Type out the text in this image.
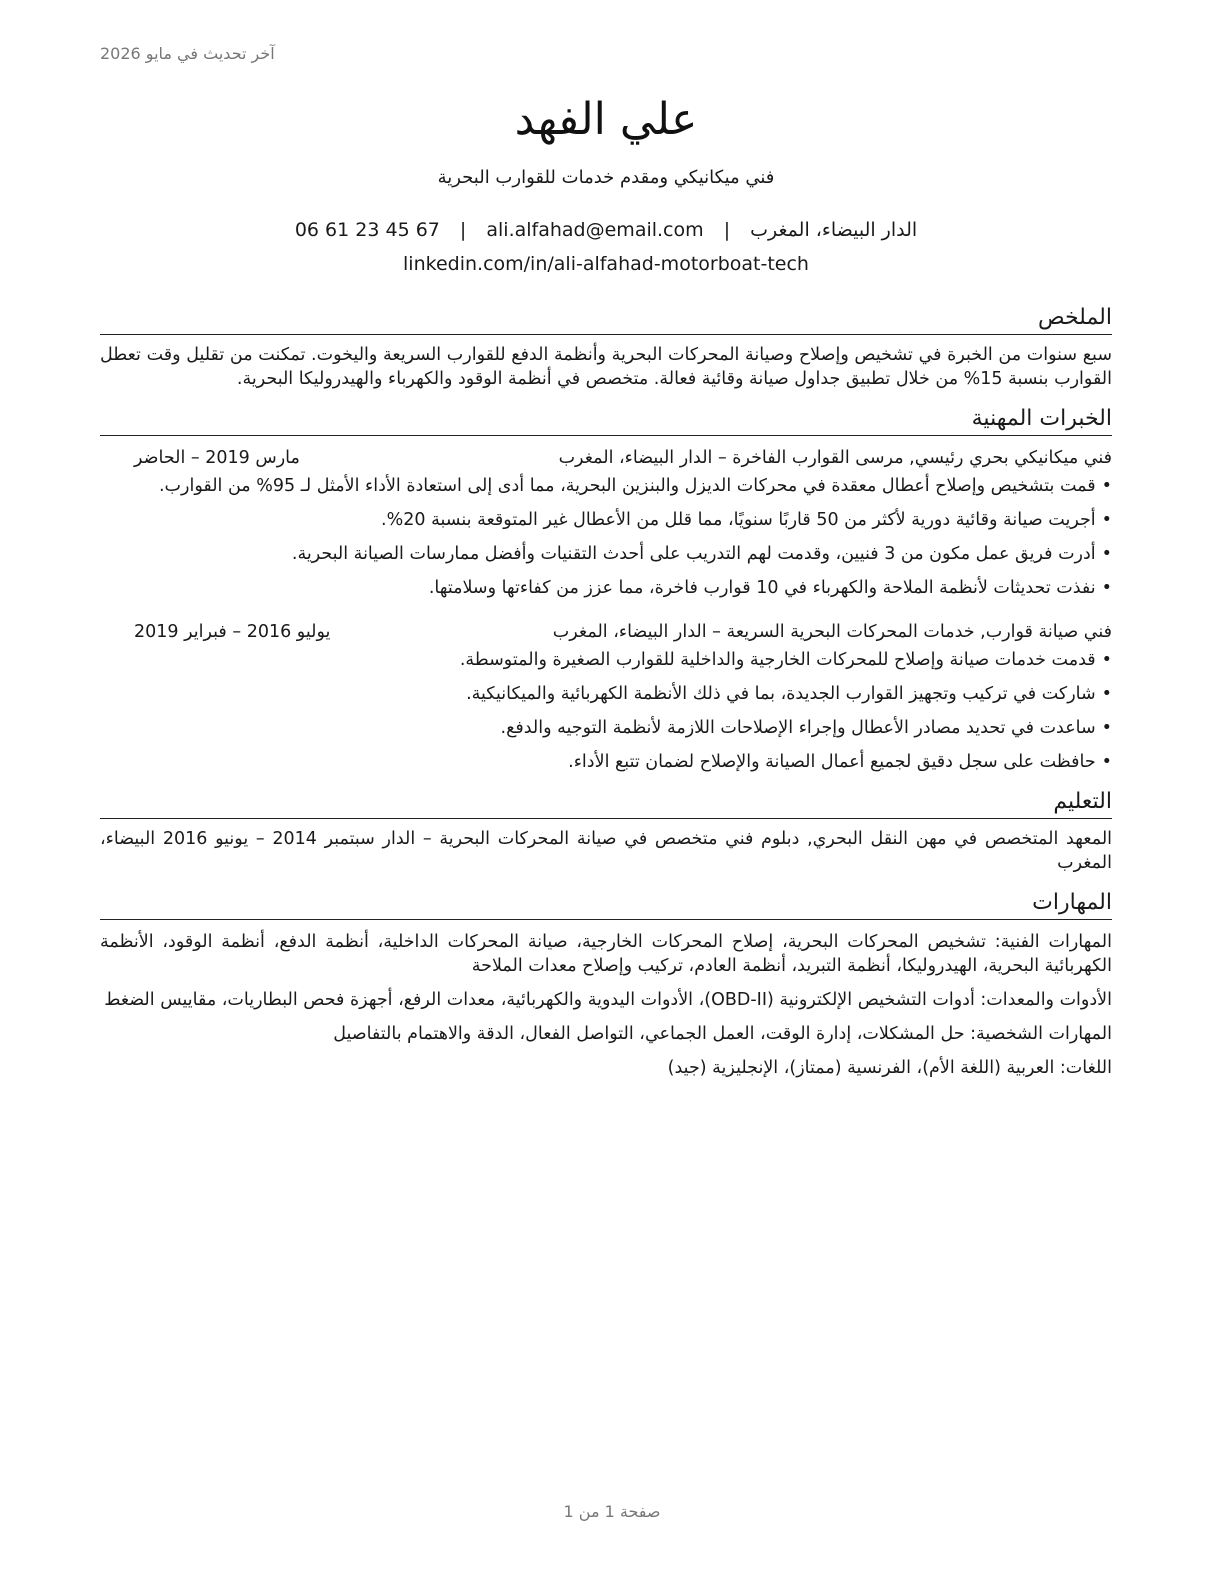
آخر تحديث في مايو 2026
علي الفهد
فني ميكانيكي ومقدم خدمات للقوارب البحرية
الدار البيضاء، المغرب | ali.alfahad@email.com | 06 61 23 45 67
linkedin.com/in/ali-alfahad-motorboat-tech
الملخص
سبع سنوات من الخبرة في تشخيص وإصلاح وصيانة المحركات البحرية وأنظمة الدفع للقوارب السريعة واليخوت. تمكنت من تقليل وقت تعطل القوارب بنسبة 15% من خلال تطبيق جداول صيانة وقائية فعالة. متخصص في أنظمة الوقود والكهرباء والهيدروليكا البحرية.
الخبرات المهنية
فني ميكانيكي بحري رئيسي, مرسى القوارب الفاخرة – الدار البيضاء، المغرب
مارس 2019 – الحاضر
•قمت بتشخيص وإصلاح أعطال معقدة في محركات الديزل والبنزين البحرية، مما أدى إلى استعادة الأداء الأمثل لـ 95% من القوارب.
•أجريت صيانة وقائية دورية لأكثر من 50 قاربًا سنويًا، مما قلل من الأعطال غير المتوقعة بنسبة 20%.
•أدرت فريق عمل مكون من 3 فنيين، وقدمت لهم التدريب على أحدث التقنيات وأفضل ممارسات الصيانة البحرية.
•نفذت تحديثات لأنظمة الملاحة والكهرباء في 10 قوارب فاخرة، مما عزز من كفاءتها وسلامتها.
فني صيانة قوارب, خدمات المحركات البحرية السريعة – الدار البيضاء، المغرب
يوليو 2016 – فبراير 2019
•قدمت خدمات صيانة وإصلاح للمحركات الخارجية والداخلية للقوارب الصغيرة والمتوسطة.
•شاركت في تركيب وتجهيز القوارب الجديدة، بما في ذلك الأنظمة الكهربائية والميكانيكية.
•ساعدت في تحديد مصادر الأعطال وإجراء الإصلاحات اللازمة لأنظمة التوجيه والدفع.
•حافظت على سجل دقيق لجميع أعمال الصيانة والإصلاح لضمان تتبع الأداء.
التعليم
المعهد المتخصص في مهن النقل البحري, دبلوم فني متخصص في صيانة المحركات البحرية – الدار سبتمبر 2014 – يونيو 2016 البيضاء، المغرب
المهارات
المهارات الفنية: تشخيص المحركات البحرية، إصلاح المحركات الخارجية، صيانة المحركات الداخلية، أنظمة الدفع، أنظمة الوقود، الأنظمة الكهربائية البحرية، الهيدروليكا، أنظمة التبريد، أنظمة العادم، تركيب وإصلاح معدات الملاحة
الأدوات والمعدات: أدوات التشخيص الإلكترونية (OBD-II)، الأدوات اليدوية والكهربائية، معدات الرفع، أجهزة فحص البطاريات، مقاييس الضغط
المهارات الشخصية: حل المشكلات، إدارة الوقت، العمل الجماعي، التواصل الفعال، الدقة والاهتمام بالتفاصيل
اللغات: العربية (اللغة الأم)، الفرنسية (ممتاز)، الإنجليزية (جيد)
صفحة 1 من 1
